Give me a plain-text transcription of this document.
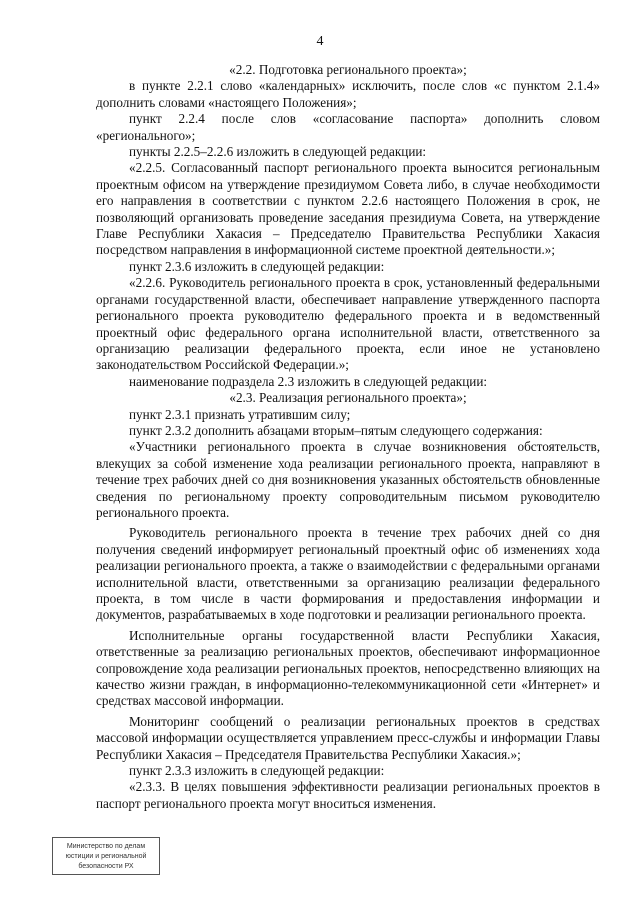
4

«2.2. Подготовка регионального проекта»;

в пункте 2.2.1 слово «календарных» исключить, после слов «с пунктом 2.1.4» дополнить словами «настоящего Положения»;

пункт 2.2.4 после слов «согласование паспорта» дополнить словом «регионального»;

пункты 2.2.5–2.2.6 изложить в следующей редакции:

«2.2.5. Согласованный паспорт регионального проекта выносится региональным проектным офисом на утверждение президиумом Совета либо, в случае необходимости его направления в соответствии с пунктом 2.2.6 настоящего Положения в срок, не позволяющий организовать проведение заседания президиума Совета, на утверждение Главе Республики Хакасия – Председателю Правительства Республики Хакасия посредством направления в информационной системе проектной деятельности.»;

пункт 2.3.6 изложить в следующей редакции:

«2.2.6. Руководитель регионального проекта в срок, установленный федеральными органами государственной власти, обеспечивает направление утвержденного паспорта регионального проекта руководителю федерального проекта и в ведомственный проектный офис федерального органа исполнительной власти, ответственного за организацию реализации федерального проекта, если иное не установлено законодательством Российской Федерации.»;

наименование подраздела 2.3 изложить в следующей редакции:

«2.3. Реализация регионального проекта»;

пункт 2.3.1 признать утратившим силу;

пункт 2.3.2 дополнить абзацами вторым–пятым следующего содержания:

«Участники регионального проекта в случае возникновения обстоятельств, влекущих за собой изменение хода реализации регионального проекта, направляют в течение трех рабочих дней со дня возникновения указанных обстоятельств обновленные сведения по региональному проекту сопроводительным письмом руководителю регионального проекта.

Руководитель регионального проекта в течение трех рабочих дней со дня получения сведений информирует региональный проектный офис об изменениях хода реализации регионального проекта, а также о взаимодействии с федеральными органами исполнительной власти, ответственными за организацию реализации федерального проекта, в том числе в части формирования и предоставления информации и документов, разрабатываемых в ходе подготовки и реализации регионального проекта.

Исполнительные органы государственной власти Республики Хакасия, ответственные за реализацию региональных проектов, обеспечивают информационное сопровождение хода реализации региональных проектов, непосредственно влияющих на качество жизни граждан, в информационно-телекоммуникационной сети «Интернет» и средствах массовой информации.

Мониторинг сообщений о реализации региональных проектов в средствах массовой информации осуществляется управлением пресс-службы и информации Главы Республики Хакасия – Председателя Правительства Республики Хакасия.»;

пункт 2.3.3 изложить в следующей редакции:

«2.3.3. В целях повышения эффективности реализации региональных проектов в паспорт регионального проекта могут вноситься изменения.

Министерство по делам
юстиции и региональной
безопасности РХ
